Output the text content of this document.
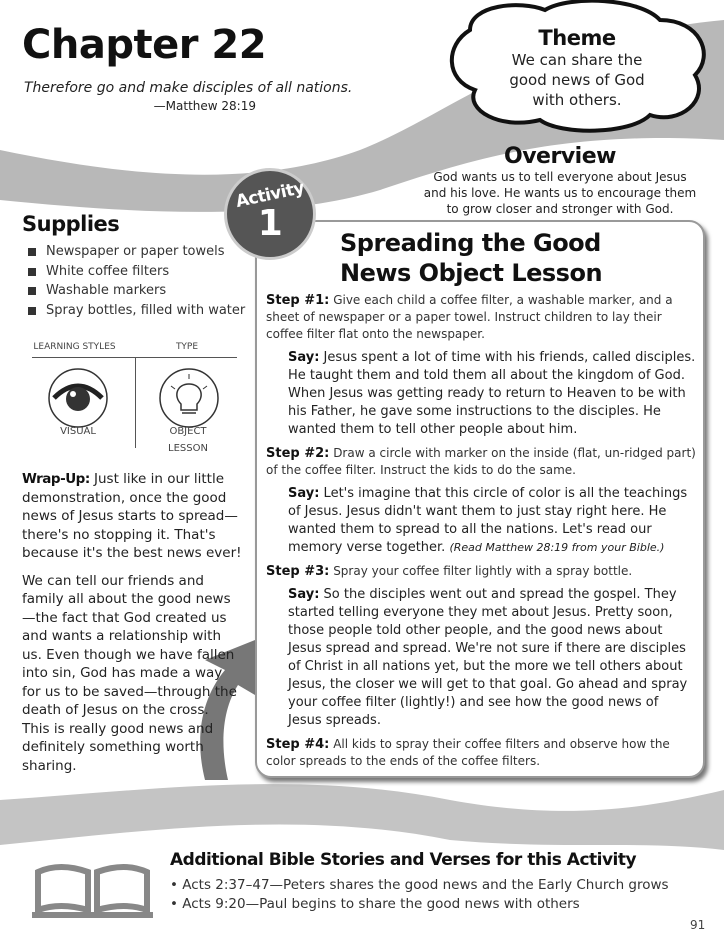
Chapter 22
Therefore go and make disciples of all nations.
—Matthew 28:19
Theme
We can share the
good news of God
with others.
Overview
God wants us to tell everyone about Jesus
and his love. He wants us to encourage them
to grow closer and stronger with God.
Supplies
Newspaper or paper towels
White coffee filters
Washable markers
Spray bottles, filled with water
LEARNING STYLES	TYPE
VISUAL	OBJECT
LESSON

Wrap-Up: Just like in our little demonstration, once the good news of Jesus starts to spread—there's no stopping it. That's because it's the best news ever!

We can tell our friends and family all about the good news—the fact that God created us and wants a relationship with us. Even though we have fallen into sin, God has made a way for us to be saved—through the death of Jesus on the cross. This is really good news and definitely something worth sharing.

Activity
1	Spreading the Good
News Object Lesson
Step #1: Give each child a coffee filter, a washable marker, and a sheet of newspaper or a paper towel. Instruct children to lay their coffee filter flat onto the newspaper.
Say: Jesus spent a lot of time with his friends, called disciples. He taught them and told them all about the kingdom of God. When Jesus was getting ready to return to Heaven to be with his Father, he gave some instructions to the disciples. He wanted them to tell other people about him.
Step #2: Draw a circle with marker on the inside (flat, un-ridged part) of the coffee filter. Instruct the kids to do the same.
Say: Let's imagine that this circle of color is all the teachings of Jesus. Jesus didn't want them to just stay right here. He wanted them to spread to all the nations. Let's read our memory verse together. (Read Matthew 28:19 from your Bible.)
Step #3: Spray your coffee filter lightly with a spray bottle.
Say: So the disciples went out and spread the gospel. They started telling everyone they met about Jesus. Pretty soon, those people told other people, and the good news about Jesus spread and spread. We're not sure if there are disciples of Christ in all nations yet, but the more we tell others about Jesus, the closer we will get to that goal. Go ahead and spray your coffee filter (lightly!) and see how the good news of Jesus spreads.
Step #4: All kids to spray their coffee filters and observe how the color spreads to the ends of the coffee filters.
Additional Bible Stories and Verses for this Activity
• Acts 2:37–47—Peters shares the good news and the Early Church grows
• Acts 9:20—Paul begins to share the good news with others
91
